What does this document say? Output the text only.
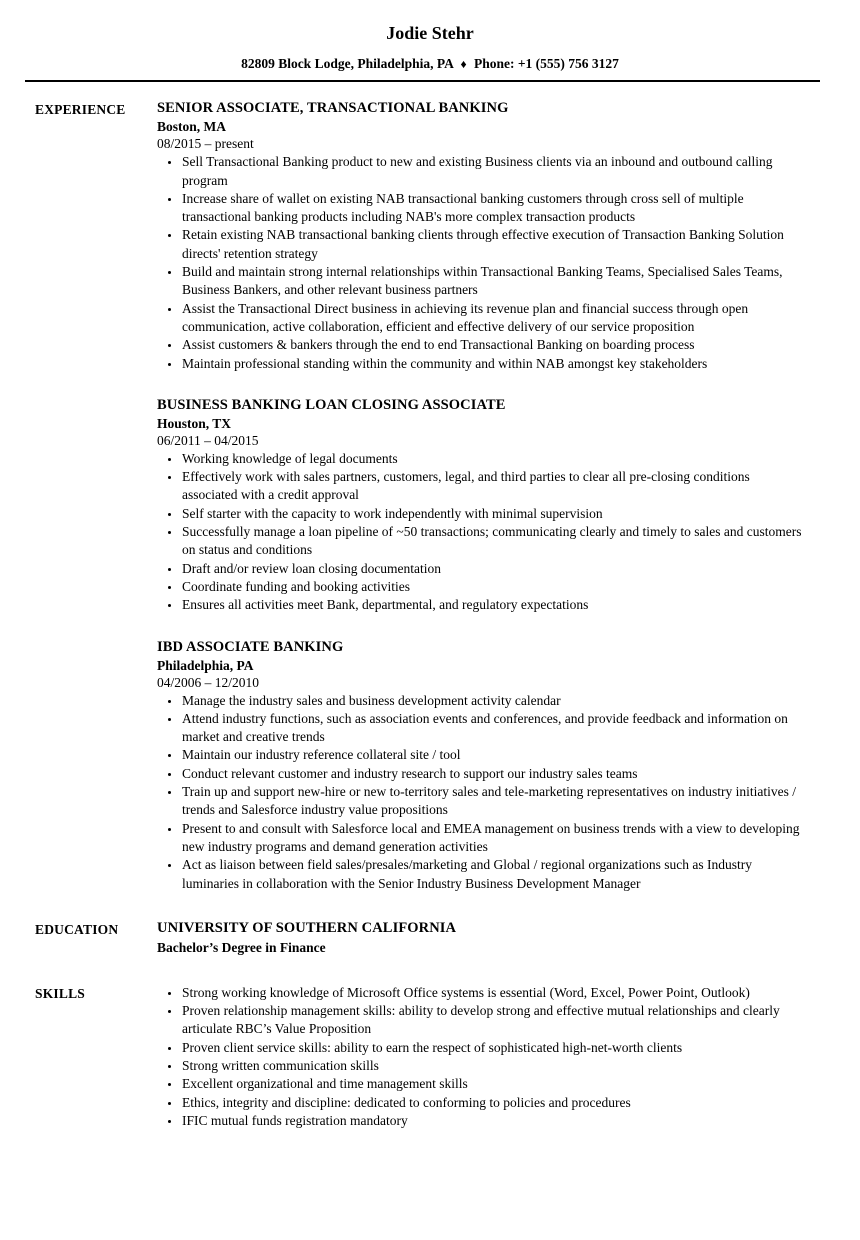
Jodie Stehr
82809 Block Lodge, Philadelphia, PA ♦ Phone: +1 (555) 756 3127
EXPERIENCE	SENIOR ASSOCIATE, TRANSACTIONAL BANKING
Boston, MA
08/2015 – present
• Sell Transactional Banking product to new and existing Business clients via an inbound and outbound calling program
• Increase share of wallet on existing NAB transactional banking customers through cross sell of multiple transactional banking products including NAB's more complex transaction products
• Retain existing NAB transactional banking clients through effective execution of Transaction Banking Solution directs' retention strategy
• Build and maintain strong internal relationships within Transactional Banking Teams, Specialised Sales Teams, Business Bankers, and other relevant business partners
• Assist the Transactional Direct business in achieving its revenue plan and financial success through open communication, active collaboration, efficient and effective delivery of our service proposition
• Assist customers & bankers through the end to end Transactional Banking on boarding process
• Maintain professional standing within the community and within NAB amongst key stakeholders
BUSINESS BANKING LOAN CLOSING ASSOCIATE
Houston, TX
06/2011 – 04/2015
• Working knowledge of legal documents
• Effectively work with sales partners, customers, legal, and third parties to clear all pre-closing conditions associated with a credit approval
• Self starter with the capacity to work independently with minimal supervision
• Successfully manage a loan pipeline of ~50 transactions; communicating clearly and timely to sales and customers on status and conditions
• Draft and/or review loan closing documentation
• Coordinate funding and booking activities
• Ensures all activities meet Bank, departmental, and regulatory expectations
IBD ASSOCIATE BANKING
Philadelphia, PA
04/2006 – 12/2010
• Manage the industry sales and business development activity calendar
• Attend industry functions, such as association events and conferences, and provide feedback and information on market and creative trends
• Maintain our industry reference collateral site / tool
• Conduct relevant customer and industry research to support our industry sales teams
• Train up and support new-hire or new to-territory sales and tele-marketing representatives on industry initiatives / trends and Salesforce industry value propositions
• Present to and consult with Salesforce local and EMEA management on business trends with a view to developing new industry programs and demand generation activities
• Act as liaison between field sales/presales/marketing and Global / regional organizations such as Industry luminaries in collaboration with the Senior Industry Business Development Manager
EDUCATION	UNIVERSITY OF SOUTHERN CALIFORNIA
Bachelor’s Degree in Finance
SKILLS	• Strong working knowledge of Microsoft Office systems is essential (Word, Excel, Power Point, Outlook)
• Proven relationship management skills: ability to develop strong and effective mutual relationships and clearly articulate RBC’s Value Proposition
• Proven client service skills: ability to earn the respect of sophisticated high-net-worth clients
• Strong written communication skills
• Excellent organizational and time management skills
• Ethics, integrity and discipline: dedicated to conforming to policies and procedures
• IFIC mutual funds registration mandatory
